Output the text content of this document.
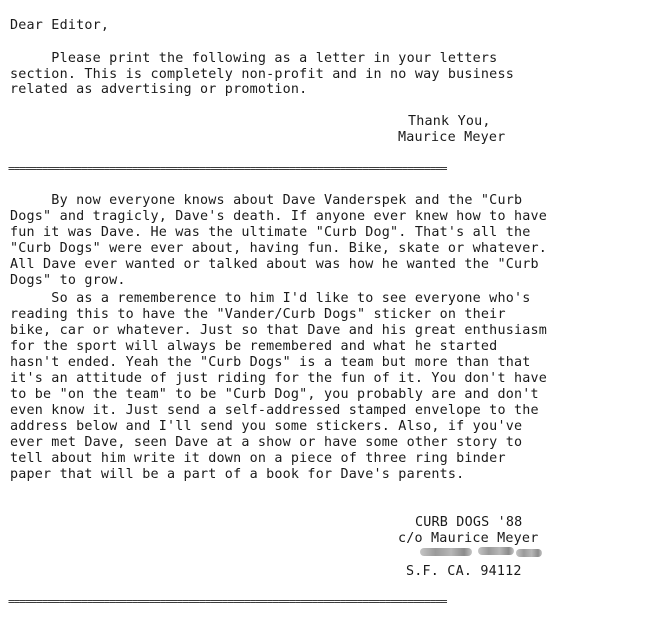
Dear Editor,
Please print the following as a letter in your letters
section. This is completely non-profit and in no way business
related as advertising or promotion.
Thank You,
Maurice Meyer
==============================================================================
By now everyone knows about Dave Vanderspek and the "Curb
Dogs" and tragicly, Dave's death. If anyone ever knew how to have
fun it was Dave. He was the ultimate "Curb Dog". That's all the
"Curb Dogs" were ever about, having fun. Bike, skate or whatever.
All Dave ever wanted or talked about was how he wanted the "Curb
Dogs" to grow.
So as a rememberence to him I'd like to see everyone who's
reading this to have the "Vander/Curb Dogs" sticker on their
bike, car or whatever. Just so that Dave and his great enthusiasm
for the sport will always be remembered and what he started
hasn't ended. Yeah the "Curb Dogs" is a team but more than that
it's an attitude of just riding for the fun of it. You don't have
to be "on the team" to be "Curb Dog", you probably are and don't
even know it. Just send a self-addressed stamped envelope to the
address below and I'll send you some stickers. Also, if you've
ever met Dave, seen Dave at a show or have some other story to
tell about him write it down on a piece of three ring binder
paper that will be a part of a book for Dave's parents.
CURB DOGS '88
c/o Maurice Meyer
S.F. CA. 94112
==============================================================================
